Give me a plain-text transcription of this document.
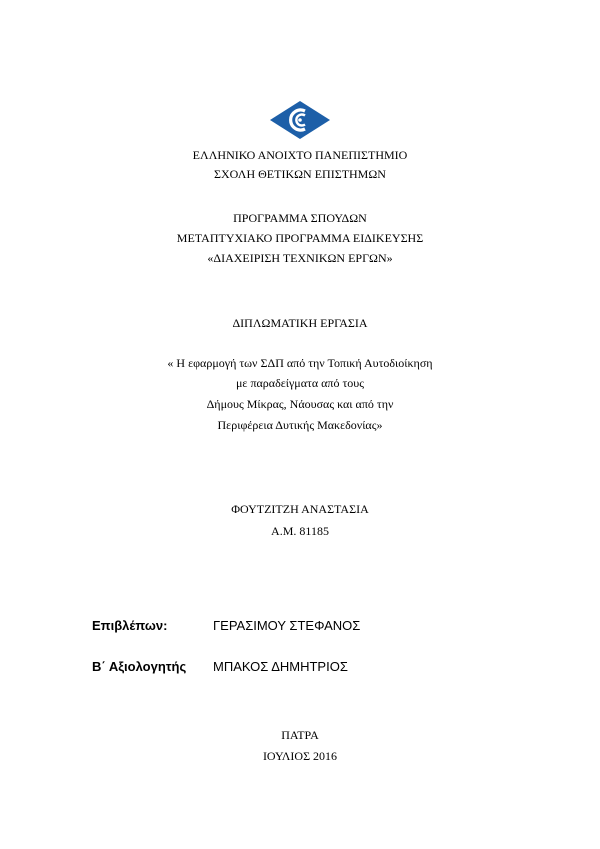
ΕΛΛΗΝΙΚΟ ΑΝΟΙΧΤΟ ΠΑΝΕΠΙΣΤΗΜΙΟ
ΣΧΟΛΗ ΘΕΤΙΚΩΝ ΕΠΙΣΤΗΜΩΝ
ΠΡΟΓΡΑΜΜΑ ΣΠΟΥΔΩΝ
ΜΕΤΑΠΤΥΧΙΑΚΟ ΠΡΟΓΡΑΜΜΑ ΕΙΔΙΚΕΥΣΗΣ
«ΔΙΑΧΕΙΡΙΣΗ ΤΕΧΝΙΚΩΝ ΕΡΓΩΝ»
ΔΙΠΛΩΜΑΤΙΚΗ ΕΡΓΑΣΙΑ
« Η εφαρμογή των ΣΔΠ από την Τοπική Αυτοδιοίκηση
με παραδείγματα από τους
Δήμους Μίκρας, Νάουσας και από την
Περιφέρεια Δυτικής Μακεδονίας»
ΦΟΥΤΖΙΤΖΗ ΑΝΑΣΤΑΣΙΑ
Α.Μ. 81185
Επιβλέπων:	ΓΕΡΑΣΙΜΟΥ ΣΤΕΦΑΝΟΣ
Β΄ Αξιολογητής ΜΠΑΚΟΣ ΔΗΜΗΤΡΙΟΣ
ΠΑΤΡΑ
ΙΟΥΛΙΟΣ 2016
